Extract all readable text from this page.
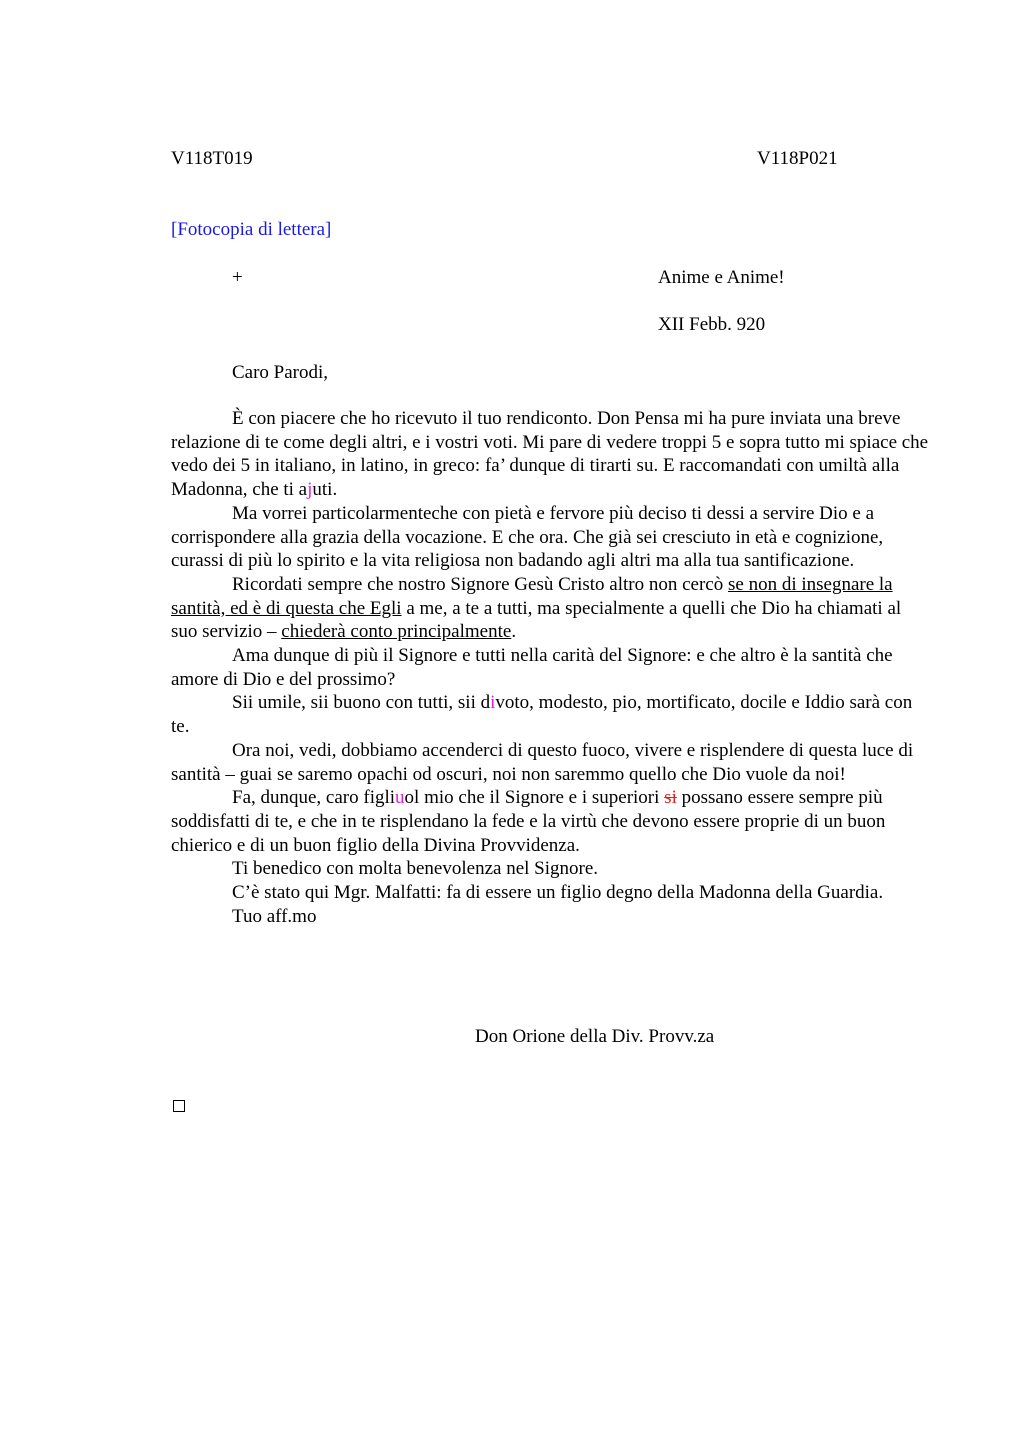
V118T019	V118P021
[Fotocopia di lettera]
+	Anime e Anime!
XII Febb. 920
Caro Parodi,

È con piacere che ho ricevuto il tuo rendiconto. Don Pensa mi ha pure inviata una breve relazione di te come degli altri, e i vostri voti. Mi pare di vedere troppi 5 e sopra tutto mi spiace che vedo dei 5 in italiano, in latino, in greco: fa’ dunque di tirarti su. E raccomandati con umiltà alla Madonna, che ti ajuti.

Ma vorrei particolarmenteche con pietà e fervore più deciso ti dessi a servire Dio e a corrispondere alla grazia della vocazione. E che ora. Che già sei cresciuto in età e cognizione, curassi di più lo spirito e la vita religiosa non badando agli altri ma alla tua santificazione.

Ricordati sempre che nostro Signore Gesù Cristo altro non cercò se non di insegnare la santità, ed è di questa che Egli a me, a te a tutti, ma specialmente a quelli che Dio ha chiamati al suo servizio – chiederà conto principalmente.

Ama dunque di più il Signore e tutti nella carità del Signore: e che altro è la santità che amore di Dio e del prossimo?

Sii umile, sii buono con tutti, sii divoto, modesto, pio, mortificato, docile e Iddio sarà con te.

Ora noi, vedi, dobbiamo accenderci di questo fuoco, vivere e risplendere di questa luce di santità – guai se saremo opachi od oscuri, noi non saremmo quello che Dio vuole da noi!

Fa, dunque, caro figliuol mio che il Signore e i superiori si possano essere sempre più soddisfatti di te, e che in te risplendano la fede e la virtù che devono essere proprie di un buon chierico e di un buon figlio della Divina Provvidenza.

Ti benedico con molta benevolenza nel Signore.

C’è stato qui Mgr. Malfatti: fa di essere un figlio degno della Madonna della Guardia.

Tuo aff.mo

Don Orione della Div. Provv.za
